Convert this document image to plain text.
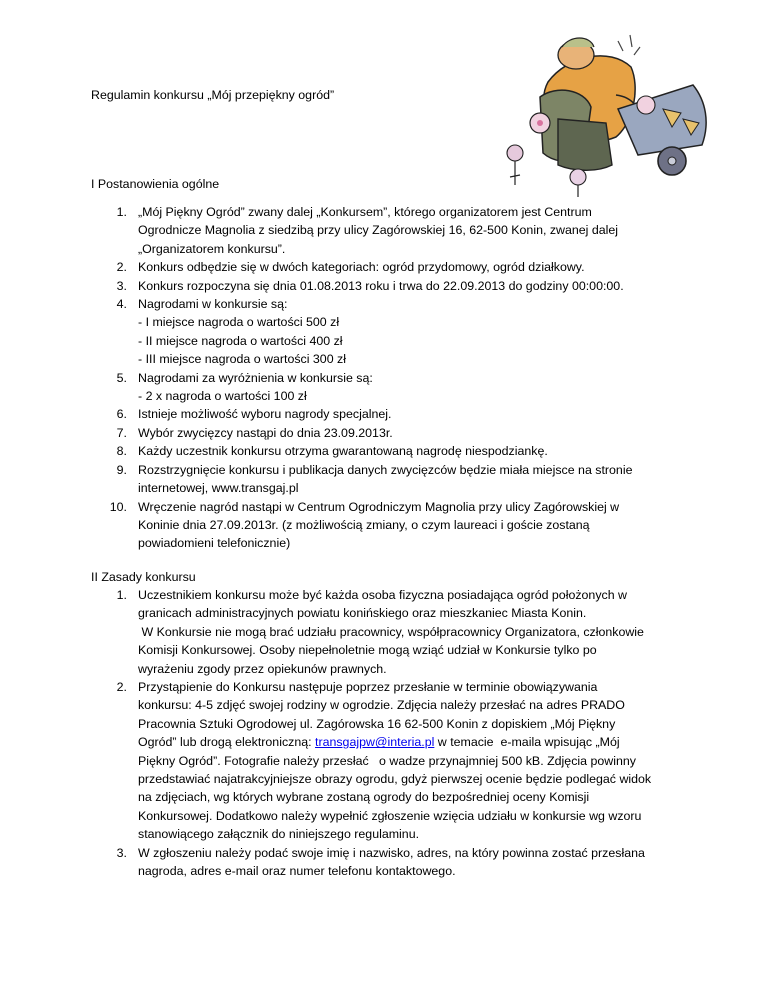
Regulamin konkursu „Mój przepiękny ogród”
I Postanowienia ogólne
1. „Mój Piękny Ogród” zwany dalej „Konkursem”, którego organizatorem jest Centrum
Ogrodnicze Magnolia z siedzibą przy ulicy Zagórowskiej 16, 62-500 Konin, zwanej dalej
„Organizatorem konkursu”.
2. Konkurs odbędzie się w dwóch kategoriach: ogród przydomowy, ogród działkowy.
3. Konkurs rozpoczyna się dnia 01.08.2013 roku i trwa do 22.09.2013 do godziny 00:00:00.
4. Nagrodami w konkursie są:
- I miejsce nagroda o wartości 500 zł
- II miejsce nagroda o wartości 400 zł
- III miejsce nagroda o wartości 300 zł
5. Nagrodami za wyróżnienia w konkursie są:
- 2 x nagroda o wartości 100 zł
6. Istnieje możliwość wyboru nagrody specjalnej.
7. Wybór zwycięzcy nastąpi do dnia 23.09.2013r.
8. Każdy uczestnik konkursu otrzyma gwarantowaną nagrodę niespodziankę.
9. Rozstrzygnięcie konkursu i publikacja danych zwycięzców będzie miała miejsce na stronie
internetowej, www.transgaj.pl
10. Wręczenie nagród nastąpi w Centrum Ogrodniczym Magnolia przy ulicy Zagórowskiej w
Koninie dnia 27.09.2013r. (z możliwością zmiany, o czym laureaci i goście zostaną
powiadomieni telefonicznie)
II Zasady konkursu
1. Uczestnikiem konkursu może być każda osoba fizyczna posiadająca ogród położonych w
granicach administracyjnych powiatu konińskiego oraz mieszkaniec Miasta Konin.
W Konkursie nie mogą brać udziału pracownicy, współpracownicy Organizatora, członkowie
Komisji Konkursowej. Osoby niepełnoletnie mogą wziąć udział w Konkursie tylko po
wyrażeniu zgody przez opiekunów prawnych.
2. Przystąpienie do Konkursu następuje poprzez przesłanie w terminie obowiązywania
konkursu: 4-5 zdjęć swojej rodziny w ogrodzie. Zdjęcia należy przesłać na adres PRADO
Pracownia Sztuki Ogrodowej ul. Zagórowska 16 62-500 Konin z dopiskiem „Mój Piękny
Ogród” lub drogą elektroniczną: transgajpw@interia.pl w temacie  e-maila wpisując „Mój
Piękny Ogród”. Fotografie należy przesłać   o wadze przynajmniej 500 kB. Zdjęcia powinny
przedstawiać najatrakcyjniejsze obrazy ogrodu, gdyż pierwszej ocenie będzie podlegać widok
na zdjęciach, wg których wybrane zostaną ogrody do bezpośredniej oceny Komisji
Konkursowej. Dodatkowo należy wypełnić zgłoszenie wzięcia udziału w konkursie wg wzoru
stanowiącego załącznik do niniejszego regulaminu.
3. W zgłoszeniu należy podać swoje imię i nazwisko, adres, na który powinna zostać przesłana
nagroda, adres e-mail oraz numer telefonu kontaktowego.
